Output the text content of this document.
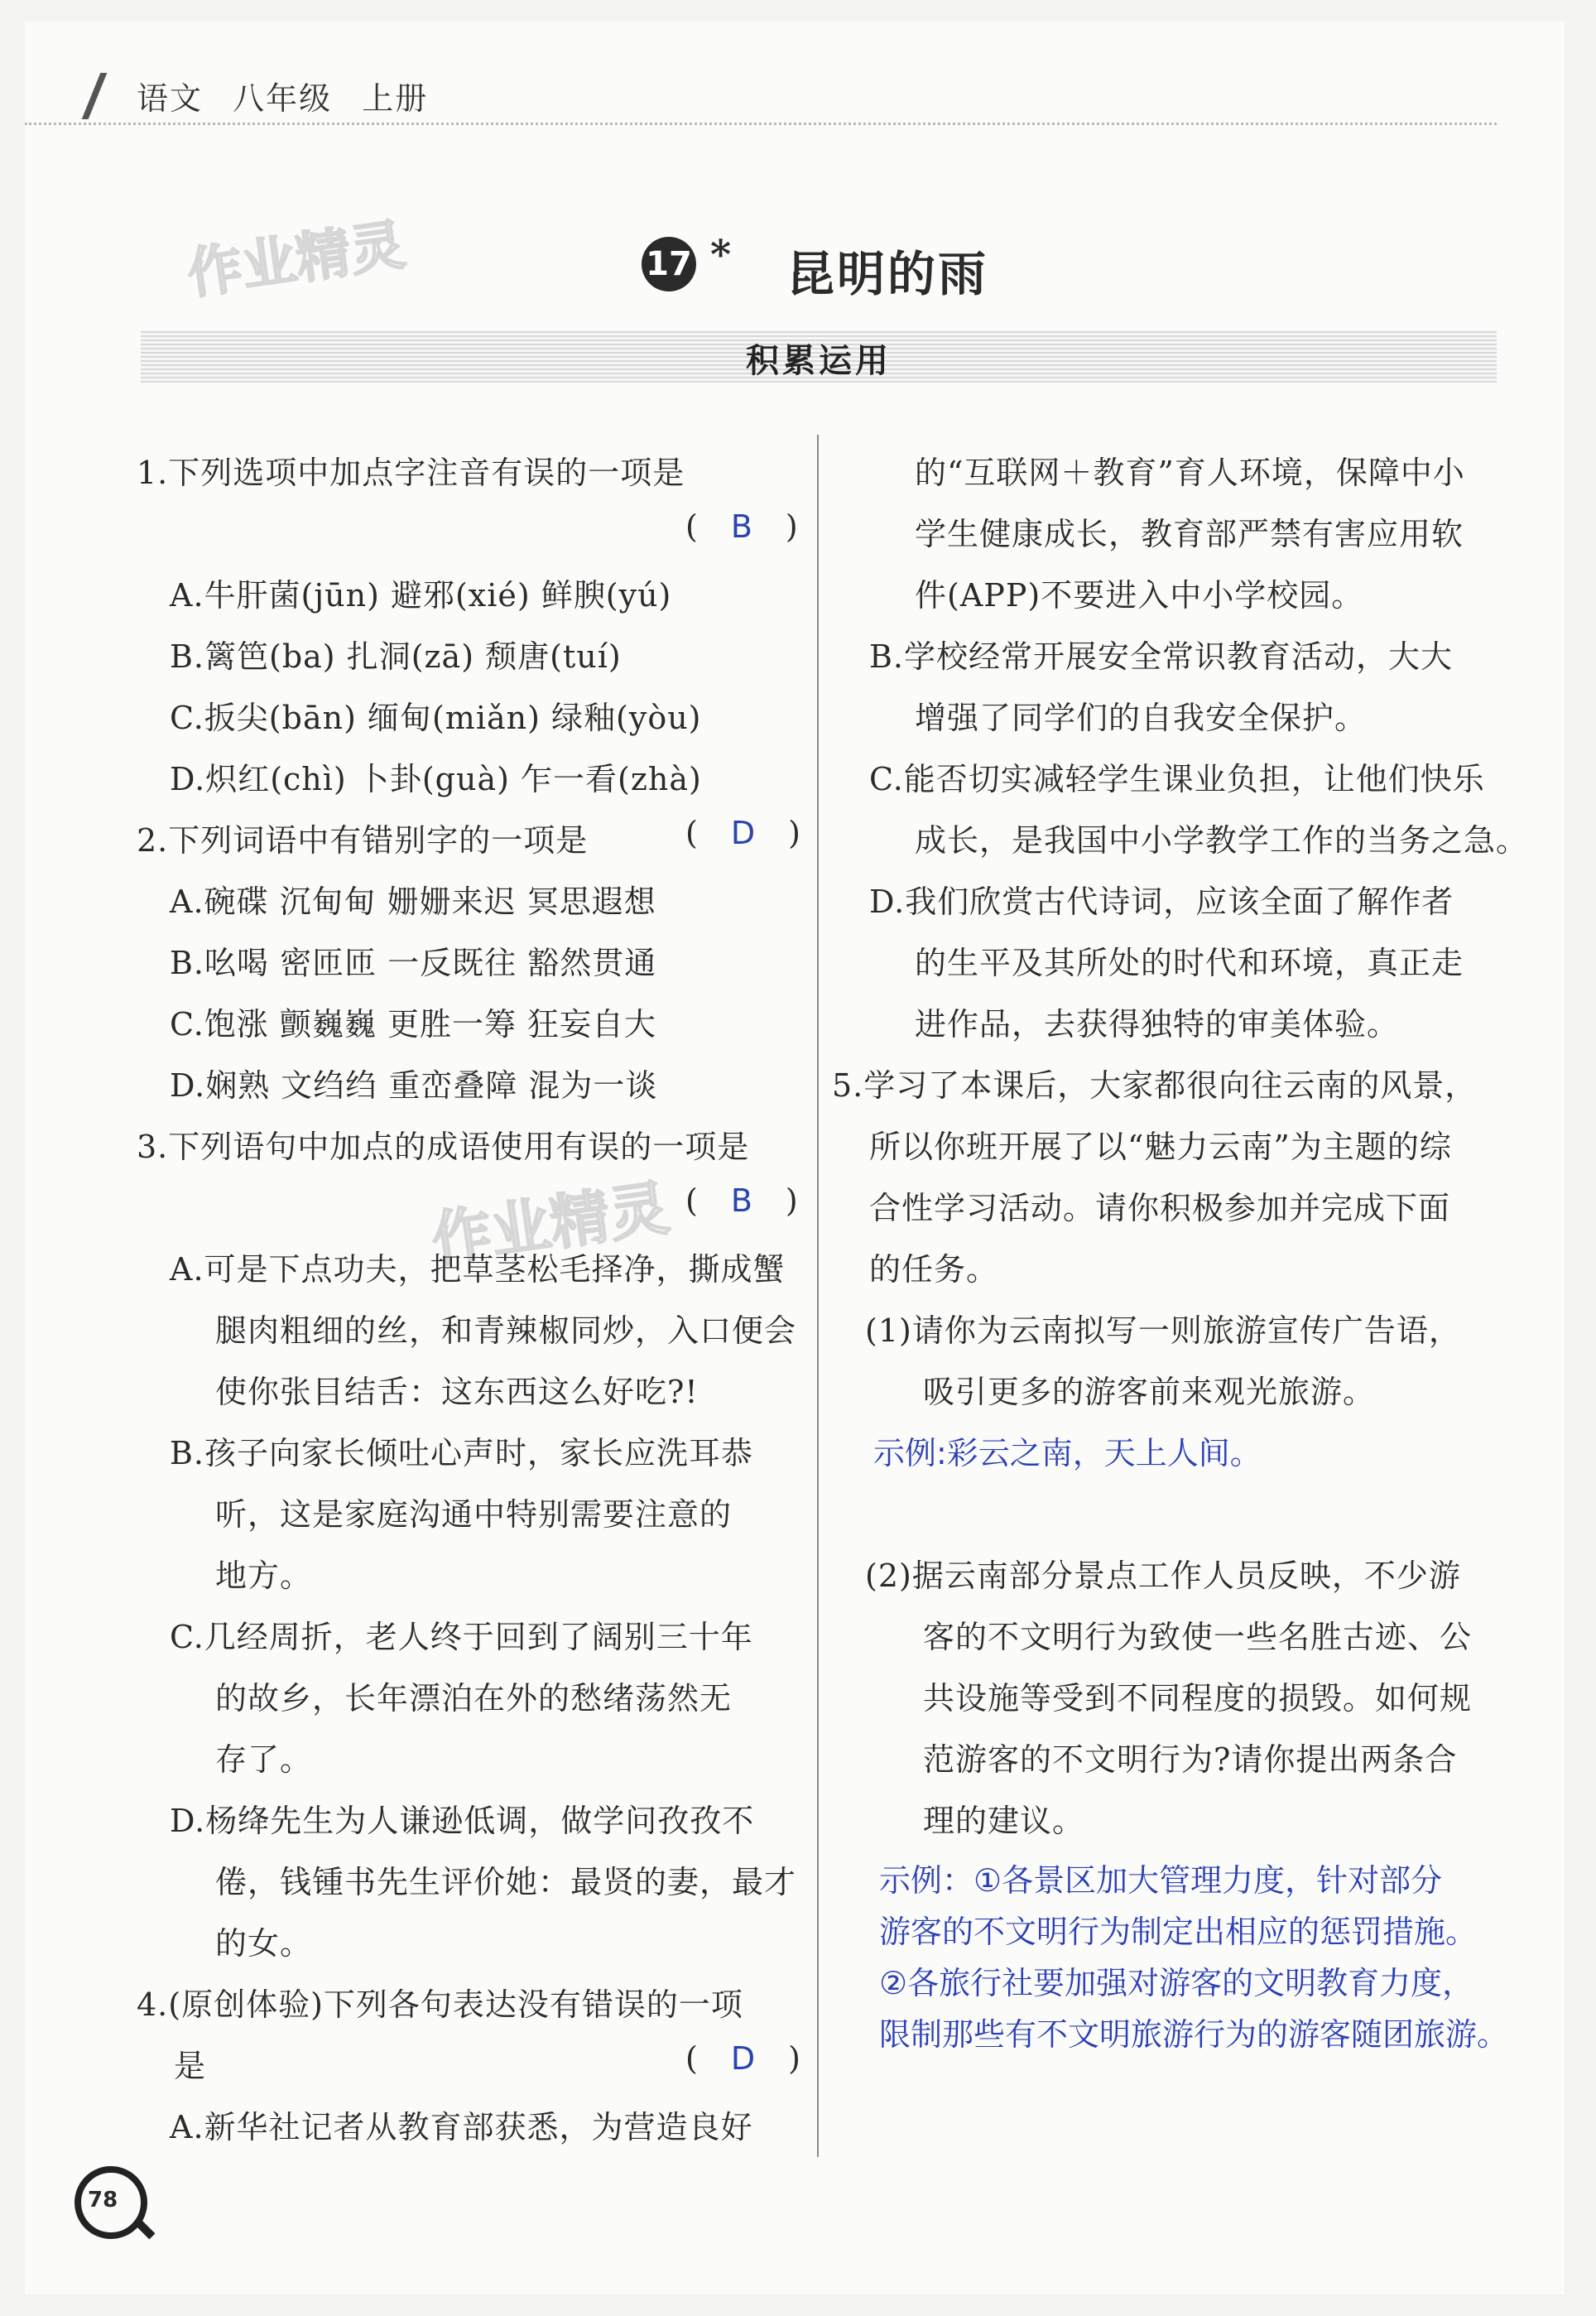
语文 八年级 上册
作业精灵
作业精灵
17 * 昆明的雨
积累运用
78
1.下列选项中加点字注音有误的一项是
A.牛肝菌(jūn) 避邪(xié) 鲜腴(yú)
B.篱笆(ba) 扎洞(zā) 颓唐(tuí)
C.扳尖(bān) 缅甸(miǎn) 绿釉(yòu)
D.炽红(chì) 卜卦(guà) 乍一看(zhà)
2.下列词语中有错别字的一项是
A.碗碟 沉甸甸 姗姗来迟 冥思遐想
B.吆喝 密匝匝 一反既往 豁然贯通
C.饱涨 颤巍巍 更胜一筹 狂妄自大
D.娴熟 文绉绉 重峦叠障 混为一谈
3.下列语句中加点的成语使用有误的一项是
A.可是下点功夫，把草茎松毛择净，撕成蟹
腿肉粗细的丝，和青辣椒同炒，入口便会
使你张目结舌：这东西这么好吃?!
B.孩子向家长倾吐心声时，家长应洗耳恭
听，这是家庭沟通中特别需要注意的
地方。
C.几经周折，老人终于回到了阔别三十年
的故乡，长年漂泊在外的愁绪荡然无
存了。
D.杨绛先生为人谦逊低调，做学问孜孜不
倦，钱锺书先生评价她：最贤的妻，最才
的女。
4.(原创体验)下列各句表达没有错误的一项
是
A.新华社记者从教育部获悉，为营造良好
的“互联网＋教育”育人环境，保障中小
学生健康成长，教育部严禁有害应用软
件(APP)不要进入中小学校园。
B.学校经常开展安全常识教育活动，大大
增强了同学们的自我安全保护。
C.能否切实减轻学生课业负担，让他们快乐
成长，是我国中小学教学工作的当务之急。
D.我们欣赏古代诗词，应该全面了解作者
的生平及其所处的时代和环境，真正走
进作品，去获得独特的审美体验。
5.学习了本课后，大家都很向往云南的风景，
所以你班开展了以“魅力云南”为主题的综
合性学习活动。请你积极参加并完成下面
的任务。
(1)请你为云南拟写一则旅游宣传广告语，
吸引更多的游客前来观光旅游。
(2)据云南部分景点工作人员反映，不少游
客的不文明行为致使一些名胜古迹、公
共设施等受到不同程度的损毁。如何规
范游客的不文明行为?请你提出两条合
理的建议。
示例:彩云之南，天上人间。
示例：①各景区加大管理力度，针对部分
游客的不文明行为制定出相应的惩罚措施。
②各旅行社要加强对游客的文明教育力度，
限制那些有不文明旅游行为的游客随团旅游。
( B )
( D )
( B )
( D )
